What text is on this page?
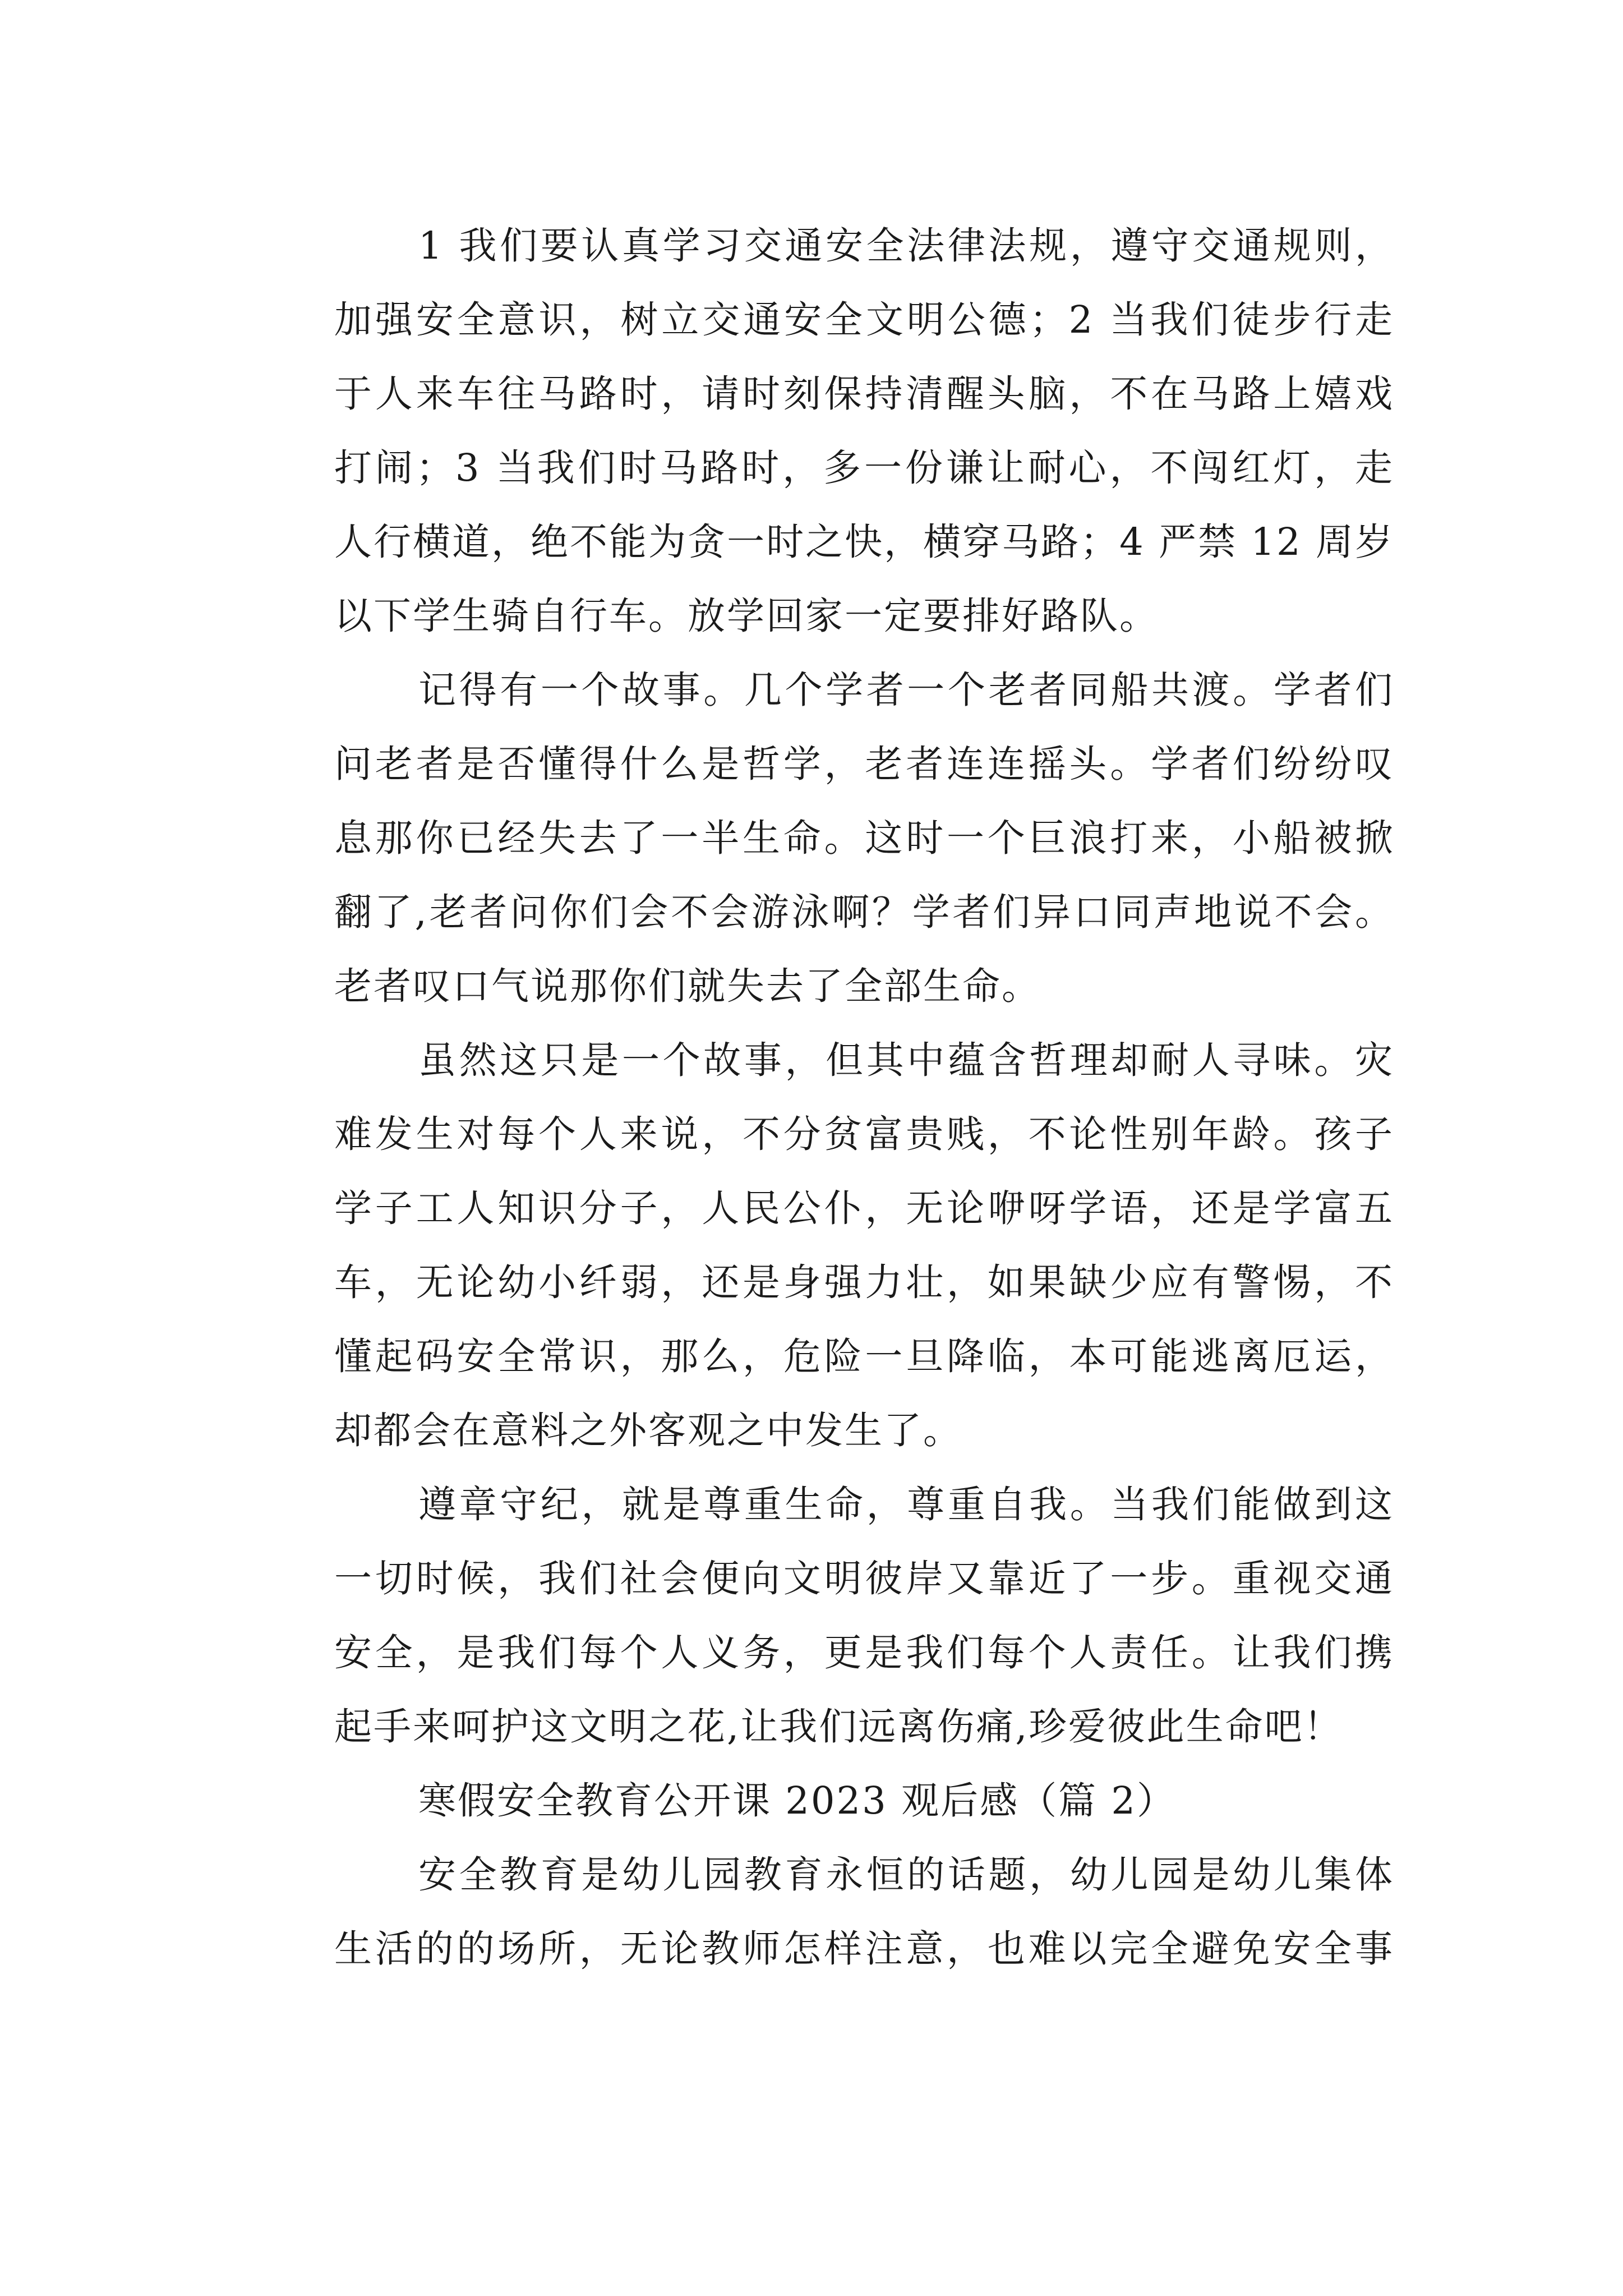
1 我们要认真学习交通安全法律法规，遵守交通规则，
加强安全意识，树立交通安全文明公德；2 当我们徒步行走
于人来车往马路时，请时刻保持清醒头脑，不在马路上嬉戏
打闹；3 当我们时马路时，多一份谦让耐心，不闯红灯，走
人行横道，绝不能为贪一时之快，横穿马路；4 严禁 12 周岁
以下学生骑自行车。放学回家一定要排好路队。
记得有一个故事。几个学者一个老者同船共渡。学者们
问老者是否懂得什么是哲学，老者连连摇头。学者们纷纷叹
息那你已经失去了一半生命。这时一个巨浪打来，小船被掀
翻了,老者问你们会不会游泳啊？学者们异口同声地说不会。
老者叹口气说那你们就失去了全部生命。
虽然这只是一个故事，但其中蕴含哲理却耐人寻味。灾
难发生对每个人来说，不分贫富贵贱，不论性别年龄。孩子
学子工人知识分子，人民公仆，无论咿呀学语，还是学富五
车，无论幼小纤弱，还是身强力壮，如果缺少应有警惕，不
懂起码安全常识，那么，危险一旦降临，本可能逃离厄运，
却都会在意料之外客观之中发生了。
遵章守纪，就是尊重生命，尊重自我。当我们能做到这
一切时候，我们社会便向文明彼岸又靠近了一步。重视交通
安全，是我们每个人义务，更是我们每个人责任。让我们携
起手来呵护这文明之花,让我们远离伤痛,珍爱彼此生命吧！
寒假安全教育公开课 2023 观后感（篇 2）
安全教育是幼儿园教育永恒的话题，幼儿园是幼儿集体
生活的的场所，无论教师怎样注意，也难以完全避免安全事
